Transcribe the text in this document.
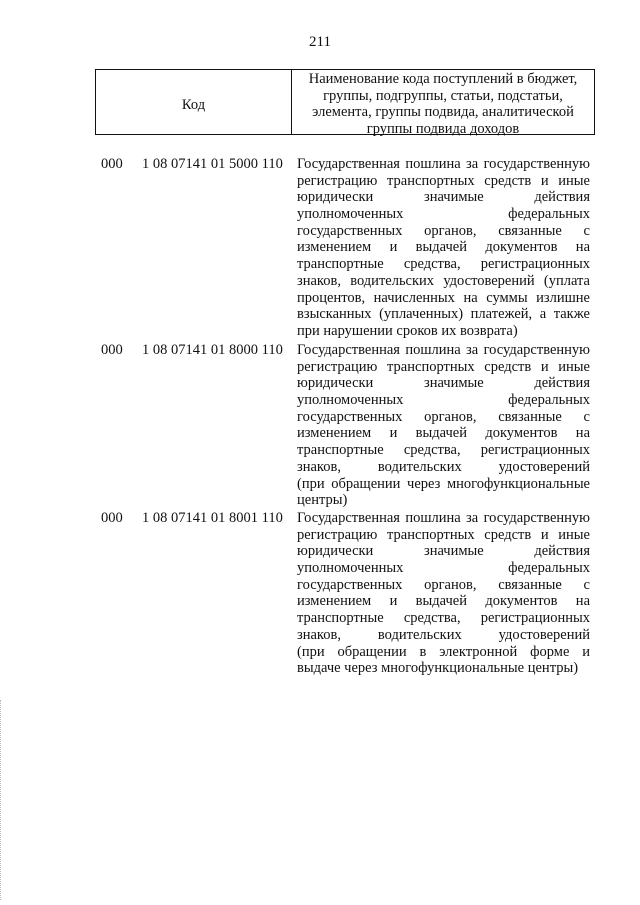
211
Код
Наименование кода поступлений в бюджет,
группы, подгруппы, статьи, подстатьи,
элемента, группы подвида, аналитической
группы подвида доходов
000 1 08 07141 01 5000 110 Государственная пошлина за государственную
регистрацию транспортных средств и иные
юридически значимые действия
уполномоченных федеральных
государственных органов, связанные с
изменением и выдачей документов на
транспортные средства, регистрационных
знаков, водительских удостоверений (уплата
процентов, начисленных на суммы излишне
взысканных (уплаченных) платежей, а также
при нарушении сроков их возврата)
000 1 08 07141 01 8000 110 Государственная пошлина за государственную
регистрацию транспортных средств и иные
юридически значимые действия
уполномоченных федеральных
государственных органов, связанные с
изменением и выдачей документов на
транспортные средства, регистрационных
знаков, водительских удостоверений
(при обращении через многофункциональные
центры)
000 1 08 07141 01 8001 110 Государственная пошлина за государственную
регистрацию транспортных средств и иные
юридически значимые действия
уполномоченных федеральных
государственных органов, связанные с
изменением и выдачей документов на
транспортные средства, регистрационных
знаков, водительских удостоверений
(при обращении в электронной форме и
выдаче через многофункциональные центры)
